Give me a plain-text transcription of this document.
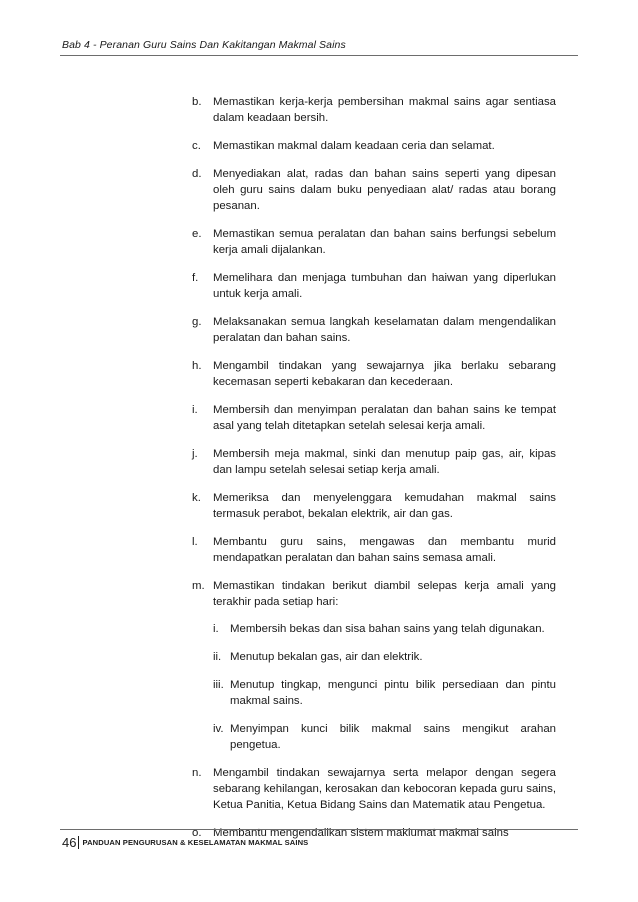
Bab 4 - Peranan Guru Sains Dan Kakitangan Makmal Sains
b.	Memastikan kerja-kerja pembersihan makmal sains agar sentiasa dalam keadaan bersih.
c.	Memastikan makmal dalam keadaan ceria dan selamat.
d.	Menyediakan alat, radas dan bahan sains seperti yang dipesan oleh guru sains dalam buku penyediaan alat/ radas atau borang pesanan.
e.	Memastikan semua peralatan dan bahan sains berfungsi sebelum kerja amali dijalankan.
f.	Memelihara dan menjaga tumbuhan dan haiwan yang diperlukan untuk kerja amali.
g.	Melaksanakan semua langkah keselamatan dalam mengendalikan peralatan dan bahan sains.
h.	Mengambil tindakan yang sewajarnya jika berlaku sebarang kecemasan seperti kebakaran dan kecederaan.
i.	Membersih dan menyimpan peralatan dan bahan sains ke tempat asal yang telah ditetapkan setelah selesai kerja amali.
j.	Membersih meja makmal, sinki dan menutup paip gas, air, kipas dan lampu setelah selesai setiap kerja amali.
k.	Memeriksa dan menyelenggara kemudahan makmal sains termasuk perabot, bekalan elektrik, air dan gas.
l.	Membantu guru sains, mengawas dan membantu murid mendapatkan peralatan dan bahan sains semasa amali.
m. Memastikan tindakan berikut diambil selepas kerja amali yang terakhir pada setiap hari:
i. Membersih bekas dan sisa bahan sains yang telah digunakan.
ii. Menutup bekalan gas, air dan elektrik.
iii. Menutup tingkap, mengunci pintu bilik persediaan dan pintu makmal sains.
iv. Menyimpan kunci bilik makmal sains mengikut arahan pengetua.
n.	Mengambil tindakan sewajarnya serta melapor dengan segera sebarang kehilangan, kerosakan dan kebocoran kepada guru sains, Ketua Panitia, Ketua Bidang Sains dan Matematik atau Pengetua.
o.	Membantu mengendalikan sistem maklumat makmal sains
46 PANDUAN PENGURUSAN & KESELAMATAN MAKMAL SAINS
